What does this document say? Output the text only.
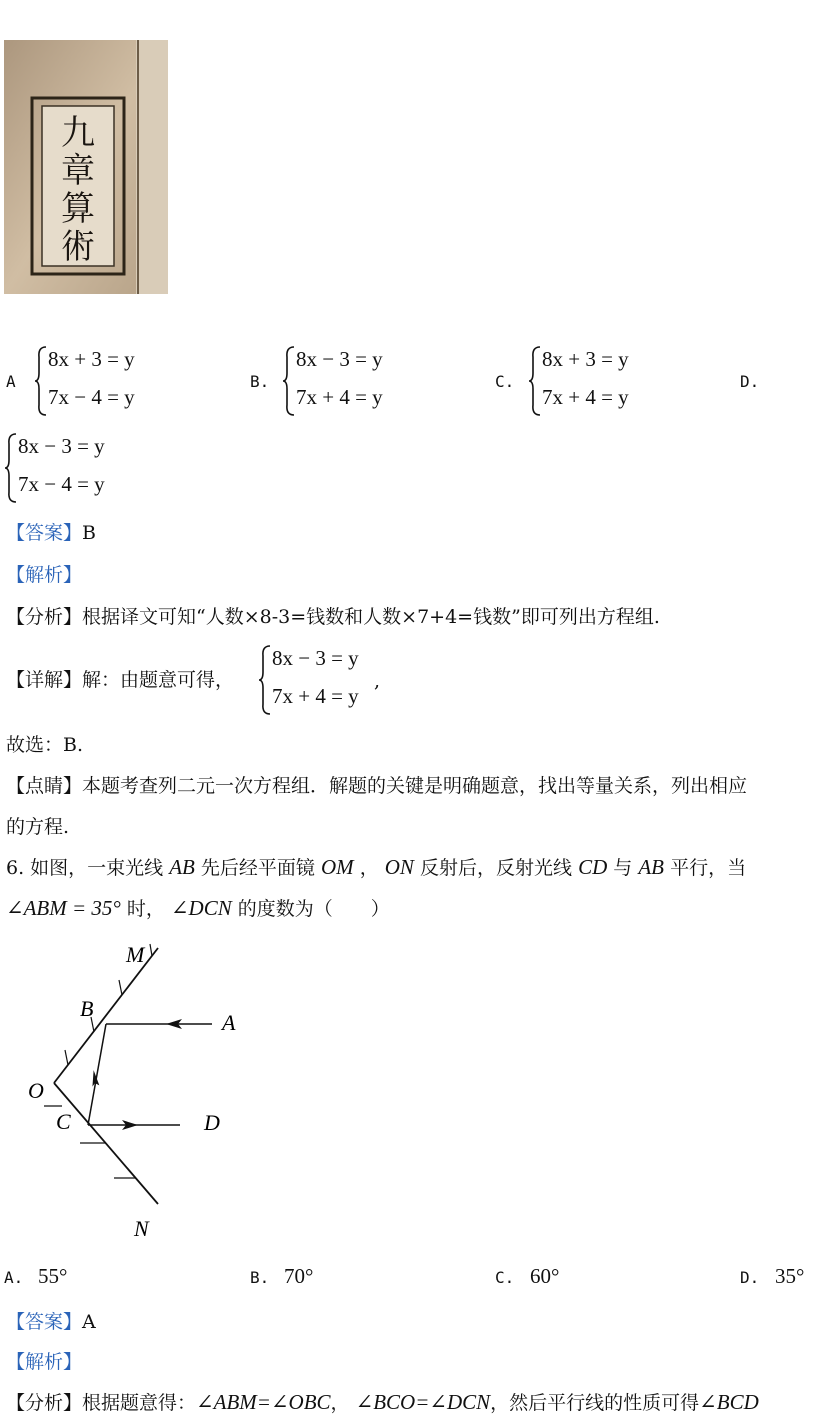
九
章
算
術
A
8x + 3 = y
7x − 4 = y
B.
8x − 3 = y
7x + 4 = y
C.
8x + 3 = y
7x + 4 = y
D.
8x − 3 = y
7x − 4 = y
【答案】B
【解析】
【分析】根据译文可知“人数×8-3=钱数和人数×7+4=钱数”即可列出方程组.
【详解】解：由题意可得，
8x − 3 = y
7x + 4 = y
,
故选：B.
【点睛】本题考查列二元一次方程组．解题的关键是明确题意，找出等量关系，列出相应
的方程.
6. 如图，一束光线 AB 先后经平面镜 OM ， ON 反射后，反射光线 CD 与 AB 平行，当
∠ABM = 35° 时， ∠DCN 的度数为（　　）
M
B
A
O
C	D
N
A. 55°	B. 70°	C. 60°	D. 35°
【答案】A
【解析】
【分析】根据题意得：∠ABM=∠OBC， ∠BCO=∠DCN，然后平行线的性质可得∠BCD
